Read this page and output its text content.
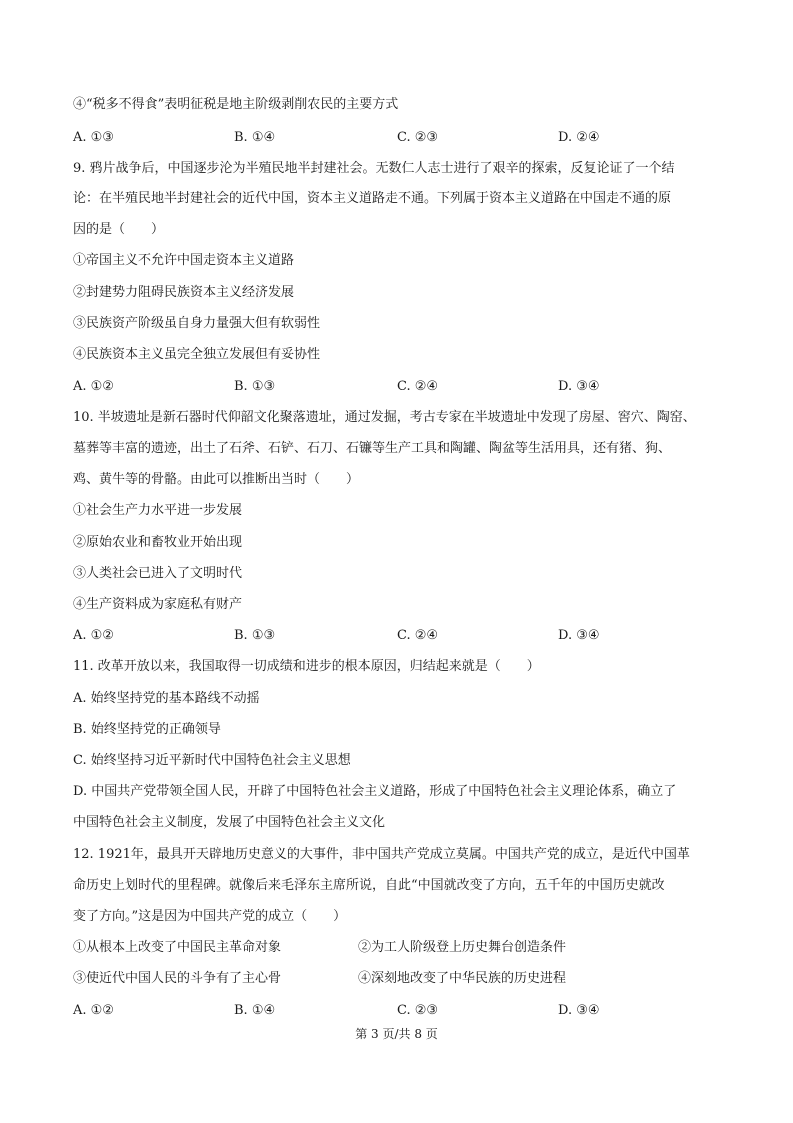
④“税多不得食”表明征税是地主阶级剥削农民的主要方式
A. ①③	B. ①④	C. ②③	D. ②④
9. 鸦片战争后，中国逐步沦为半殖民地半封建社会。无数仁人志士进行了艰辛的探索，反复论证了一个结
论：在半殖民地半封建社会的近代中国，资本主义道路走不通。下列属于资本主义道路在中国走不通的原
因的是（　　）
①帝国主义不允许中国走资本主义道路
②封建势力阻碍民族资本主义经济发展
③民族资产阶级虽自身力量强大但有软弱性
④民族资本主义虽完全独立发展但有妥协性
A. ①②	B. ①③	C. ②④	D. ③④
10. 半坡遗址是新石器时代仰韶文化聚落遗址，通过发掘，考古专家在半坡遗址中发现了房屋、窖穴、陶窑、
墓葬等丰富的遗迹，出土了石斧、石铲、石刀、石镰等生产工具和陶罐、陶盆等生活用具，还有猪、狗、
鸡、黄牛等的骨骼。由此可以推断出当时（　　）
①社会生产力水平进一步发展
②原始农业和畜牧业开始出现
③人类社会已进入了文明时代
④生产资料成为家庭私有财产
A. ①②	B. ①③	C. ②④	D. ③④
11. 改革开放以来，我国取得一切成绩和进步的根本原因，归结起来就是（　　）
A. 始终坚持党的基本路线不动摇
B. 始终坚持党的正确领导
C. 始终坚持习近平新时代中国特色社会主义思想
D. 中国共产党带领全国人民，开辟了中国特色社会主义道路，形成了中国特色社会主义理论体系，确立了
中国特色社会主义制度，发展了中国特色社会主义文化
12. 1921年，最具开天辟地历史意义的大事件，非中国共产党成立莫属。中国共产党的成立，是近代中国革
命历史上划时代的里程碑。就像后来毛泽东主席所说，自此“中国就改变了方向，五千年的中国历史就改
变了方向。”这是因为中国共产党的成立（　　）
①从根本上改变了中国民主革命对象	②为工人阶级登上历史舞台创造条件
③使近代中国人民的斗争有了主心骨	④深刻地改变了中华民族的历史进程
A. ①②	B. ①④	C. ②③	D. ③④
第 3 页/共 8 页
